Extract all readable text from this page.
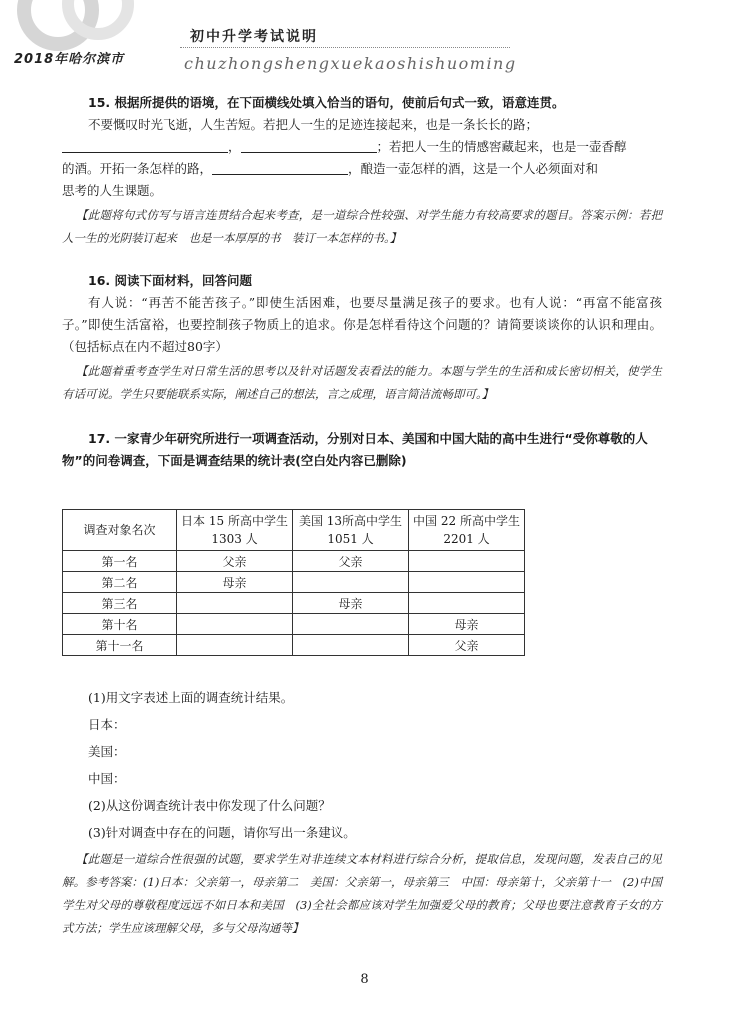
初中升学考试说明
2018年哈尔滨市	chuzhongshengxuekaoshishuoming

15. 根据所提供的语境，在下面横线处填入恰当的语句，使前后句式一致，语意连贯。

不要慨叹时光飞逝，人生苦短。若把人一生的足迹连接起来，也是一条长长的路；

，	；若把人一生的情感窖藏起来，也是一壶香醇

的酒。开拓一条怎样的路，	，酿造一壶怎样的酒，这是一个人必须面对和

思考的人生课题。

【此题将句式仿写与语言连贯结合起来考查，是一道综合性较强、对学生能力有较高要求的题目。答案示例：若把人一生的光阴装订起来　也是一本厚厚的书　装订一本怎样的书。】

16. 阅读下面材料，回答问题

有人说：“再苦不能苦孩子。”即使生活困难，也要尽量满足孩子的要求。也有人说：“再富不能富孩子。”即使生活富裕，也要控制孩子物质上的追求。你是怎样看待这个问题的？请简要谈谈你的认识和理由。（包括标点在内不超过80字）

【此题着重考查学生对日常生活的思考以及针对话题发表看法的能力。本题与学生的生活和成长密切相关，使学生有话可说。学生只要能联系实际，阐述自己的想法，言之成理，语言简洁流畅即可。】

17. 一家青少年研究所进行一项调查活动，分别对日本、美国和中国大陆的高中生进行“受你尊敬的人物”的问卷调查，下面是调查结果的统计表(空白处内容已删除)

调查对象名次	日本 15 所高中学生 1303 人	美国 13所高中学生 1051 人	中国 22 所高中学生 2201 人
第一名	父亲	父亲	
第二名	母亲		
第三名		母亲	
第十名			母亲
第十一名			父亲

(1)用文字表述上面的调查统计结果。

日本：

美国：

中国：

(2)从这份调查统计表中你发现了什么问题？

(3)针对调查中存在的问题，请你写出一条建议。

【此题是一道综合性很强的试题，要求学生对非连续文本材料进行综合分析，提取信息，发现问题，发表自己的见解。参考答案：(1)日本：父亲第一，母亲第二　美国：父亲第一，母亲第三　中国：母亲第十，父亲第十一　(2)中国学生对父母的尊敬程度远远不如日本和美国　(3)全社会都应该对学生加强爱父母的教育；父母也要注意教育子女的方式方法；学生应该理解父母，多与父母沟通等】

8
